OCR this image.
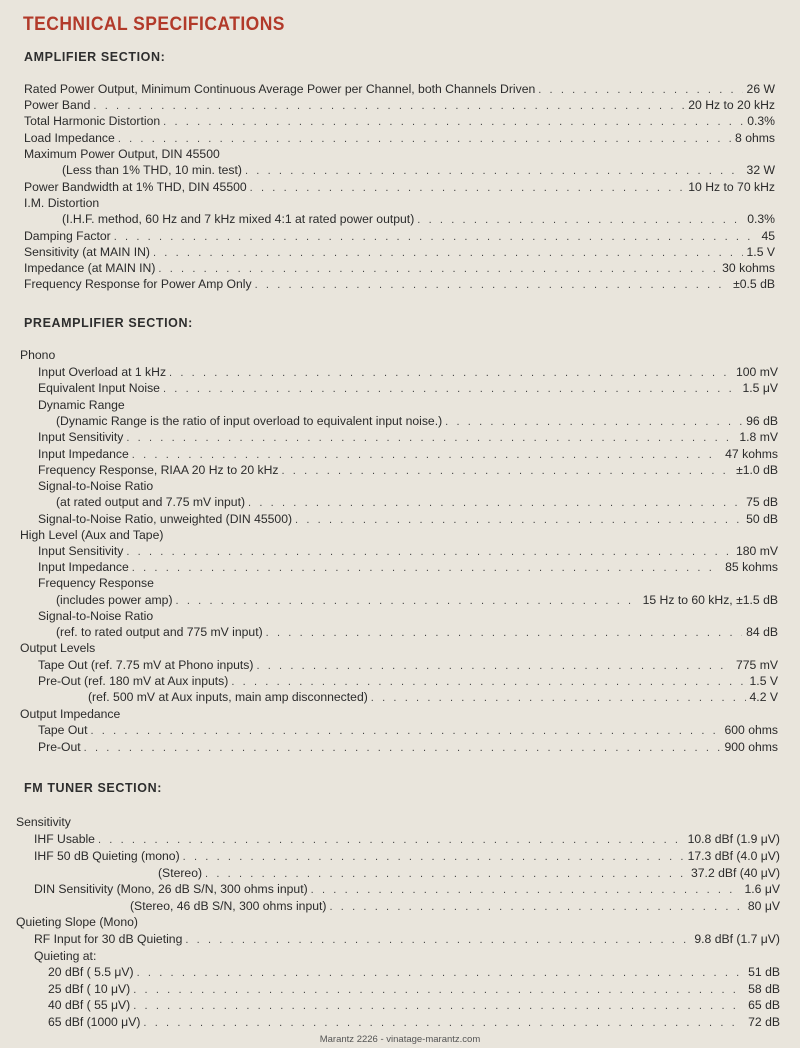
TECHNICAL SPECIFICATIONS
AMPLIFIER SECTION:
PREAMPLIFIER SECTION:
FM TUNER SECTION:
Rated Power Output, Minimum Continuous Average Power per Channel, both Channels Driven . . .	26 W
Power Band . . .	20 Hz to 20 kHz
Total Harmonic Distortion . . .	0.3%
Load Impedance . . .	8 ohms
Maximum Power Output, DIN 45500
(Less than 1% THD, 10 min. test) . . .	32 W
Power Bandwidth at 1% THD, DIN 45500 . . .	10 Hz to 70 kHz
I.M. Distortion
(I.H.F. method, 60 Hz and 7 kHz mixed 4:1 at rated power output) . . .	0.3%
Damping Factor . . .	45
Sensitivity (at MAIN IN) . . .	1.5 V
Impedance (at MAIN IN) . . .	30 kohms
Frequency Response for Power Amp Only . . .	±0.5 dB
Phono
Input Overload at 1 kHz . . .	100 mV
Equivalent Input Noise . . .	1.5 μV
Dynamic Range
(Dynamic Range is the ratio of input overload to equivalent input noise.) . . .	96 dB
Input Sensitivity . . .	1.8 mV
Input Impedance . . .	47 kohms
Frequency Response, RIAA 20 Hz to 20 kHz . . .	±1.0 dB
Signal-to-Noise Ratio
(at rated output and 7.75 mV input) . . .	75 dB
Signal-to-Noise Ratio, unweighted (DIN 45500) . . .	50 dB
High Level (Aux and Tape)
Input Sensitivity . . .	180 mV
Input Impedance . . .	85 kohms
Frequency Response
(includes power amp) . . .	15 Hz to 60 kHz, ±1.5 dB
Signal-to-Noise Ratio
(ref. to rated output and 775 mV input) . . .	84 dB
Output Levels
Tape Out (ref. 7.75 mV at Phono inputs) . . .	775 mV
Pre-Out (ref. 180 mV at Aux inputs) . . .	1.5 V
(ref. 500 mV at Aux inputs, main amp disconnected) . . .	4.2 V
Output Impedance
Tape Out . . .	600 ohms
Pre-Out . . .	900 ohms
Sensitivity
IHF Usable . . .	10.8 dBf (1.9 μV)
IHF 50 dB Quieting (mono) . . .	17.3 dBf (4.0 μV)
(Stereo) . . .	37.2 dBf (40 μV)
DIN Sensitivity (Mono, 26 dB S/N, 300 ohms input) . . .	1.6 μV
(Stereo, 46 dB S/N, 300 ohms input) . . .	80 μV
Quieting Slope (Mono)
RF Input for 30 dB Quieting . . .	9.8 dBf (1.7 μV)
Quieting at:
20 dBf ( 5.5 μV) . . .	51 dB
25 dBf ( 10 μV) . . .	58 dB
40 dBf ( 55 μV) . . .	65 dB
65 dBf (1000 μV) . . .	72 dB
Marantz 2226 - vinatage-marantz.com
